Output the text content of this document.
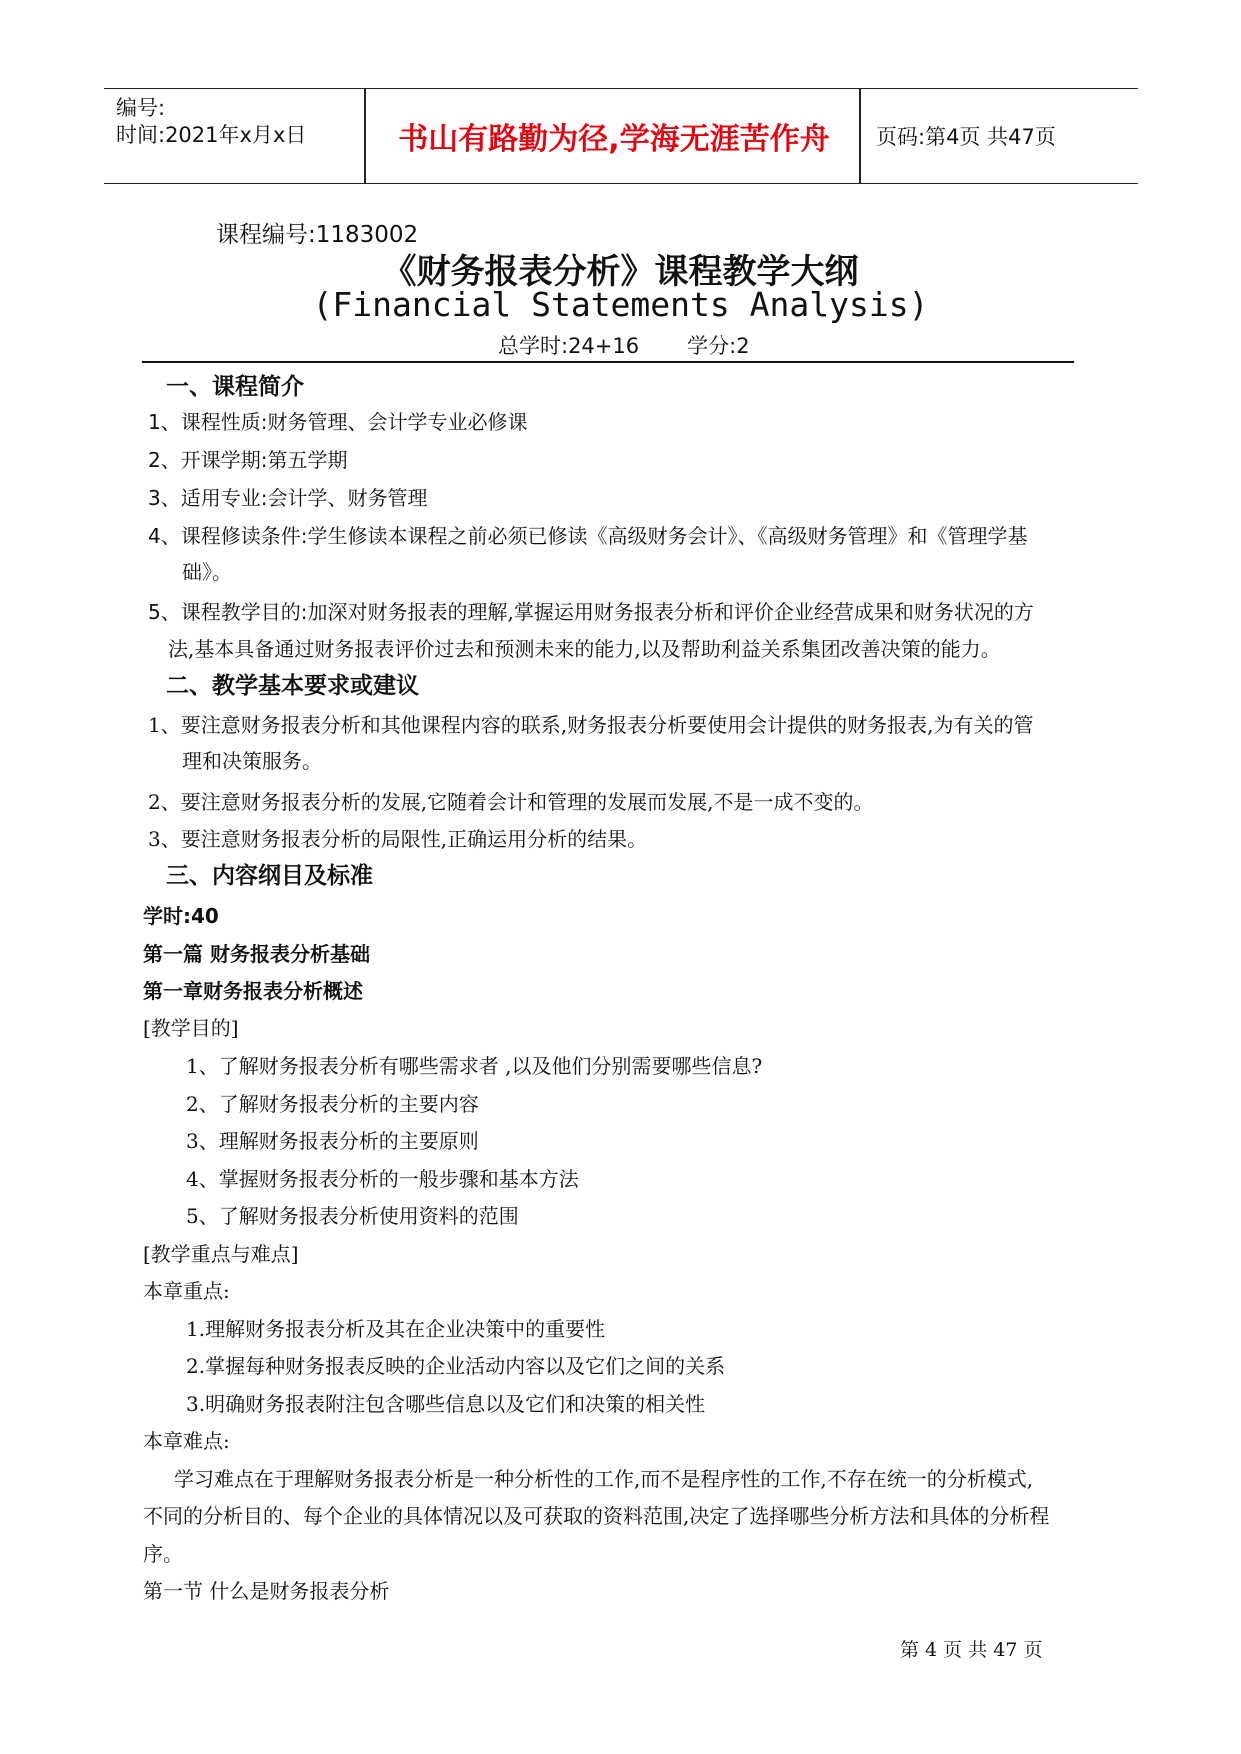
编号:
时间:2021年x月x日	书山有路勤为径,学海无涯苦作舟	页码:第4页 共47页
课程编号:1183002
《财务报表分析》课程教学大纲
(Financial Statements Analysis)
总学时:24+16 学分:2
一、课程简介
1、课程性质:财务管理、会计学专业必修课
2、开课学期:第五学期
3、适用专业:会计学、财务管理
4、课程修读条件:学生修读本课程之前必须已修读《高级财务会计》、《高级财务管理》和《管理学基
础》。
5、课程教学目的:加深对财务报表的理解,掌握运用财务报表分析和评价企业经营成果和财务状况的方
法,基本具备通过财务报表评价过去和预测未来的能力,以及帮助利益关系集团改善决策的能力。
二、教学基本要求或建议
1、要注意财务报表分析和其他课程内容的联系,财务报表分析要使用会计提供的财务报表,为有关的管
理和决策服务。
2、要注意财务报表分析的发展,它随着会计和管理的发展而发展,不是一成不变的。
3、要注意财务报表分析的局限性,正确运用分析的结果。
三、内容纲目及标准
学时:40
第一篇 财务报表分析基础
第一章财务报表分析概述
[教学目的]
1、了解财务报表分析有哪些需求者 ,以及他们分别需要哪些信息?
2、了解财务报表分析的主要内容
3、理解财务报表分析的主要原则
4、掌握财务报表分析的一般步骤和基本方法
5、了解财务报表分析使用资料的范围
[教学重点与难点]
本章重点:
1.理解财务报表分析及其在企业决策中的重要性
2.掌握每种财务报表反映的企业活动内容以及它们之间的关系
3.明确财务报表附注包含哪些信息以及它们和决策的相关性
本章难点:
学习难点在于理解财务报表分析是一种分析性的工作,而不是程序性的工作,不存在统一的分析模式,
不同的分析目的、每个企业的具体情况以及可获取的资料范围,决定了选择哪些分析方法和具体的分析程
序。
第一节 什么是财务报表分析
第 4 页 共 47 页
